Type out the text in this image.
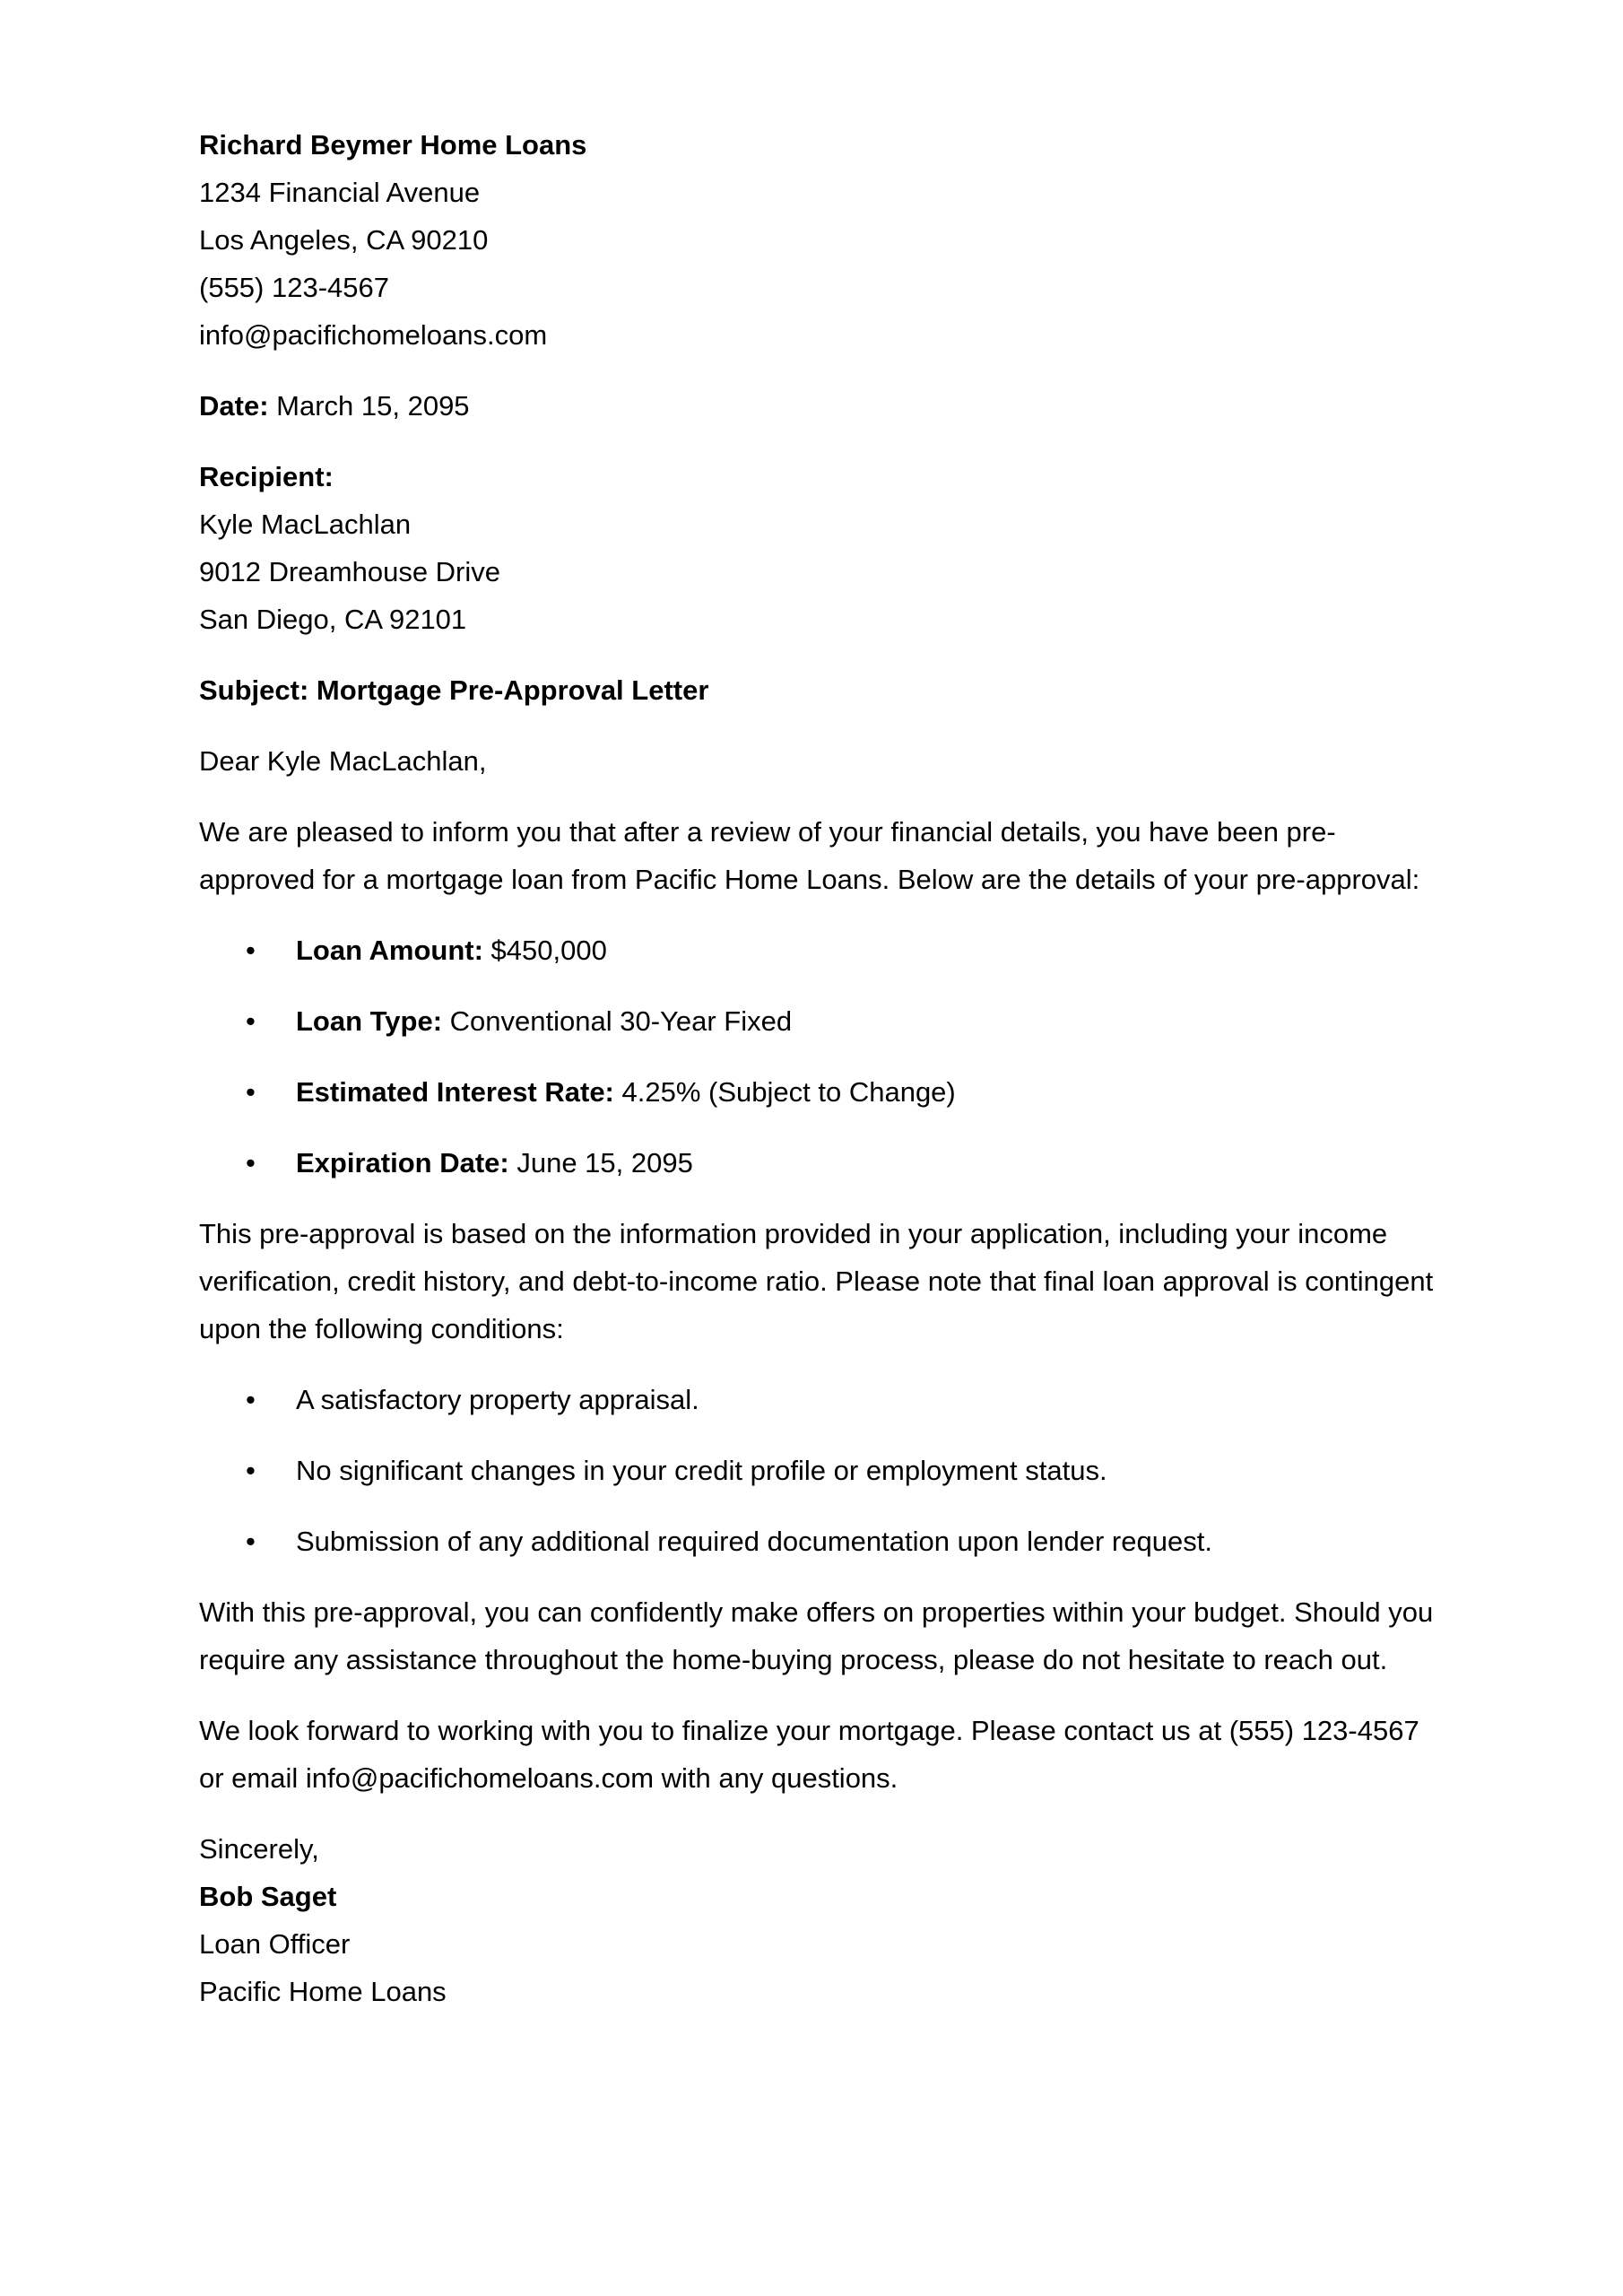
Richard Beymer Home Loans
1234 Financial Avenue
Los Angeles, CA 90210
(555) 123-4567
info@pacifichomeloans.com

Date: March 15, 2095

Recipient:
Kyle MacLachlan
9012 Dreamhouse Drive
San Diego, CA 92101

Subject: Mortgage Pre-Approval Letter

Dear Kyle MacLachlan,

We are pleased to inform you that after a review of your financial details, you have been pre-approved for a mortgage loan from Pacific Home Loans. Below are the details of your pre-approval:

•
Loan Amount: $450,000
•
Loan Type: Conventional 30-Year Fixed
•
Estimated Interest Rate: 4.25% (Subject to Change)
•
Expiration Date: June 15, 2095

This pre-approval is based on the information provided in your application, including your income verification, credit history, and debt-to-income ratio. Please note that final loan approval is contingent upon the following conditions:

•
A satisfactory property appraisal.
•
No significant changes in your credit profile or employment status.
•
Submission of any additional required documentation upon lender request.

With this pre-approval, you can confidently make offers on properties within your budget. Should you require any assistance throughout the home-buying process, please do not hesitate to reach out.

We look forward to working with you to finalize your mortgage. Please contact us at (555) 123-4567 or email info@pacifichomeloans.com with any questions.

Sincerely,
Bob Saget
Loan Officer
Pacific Home Loans
